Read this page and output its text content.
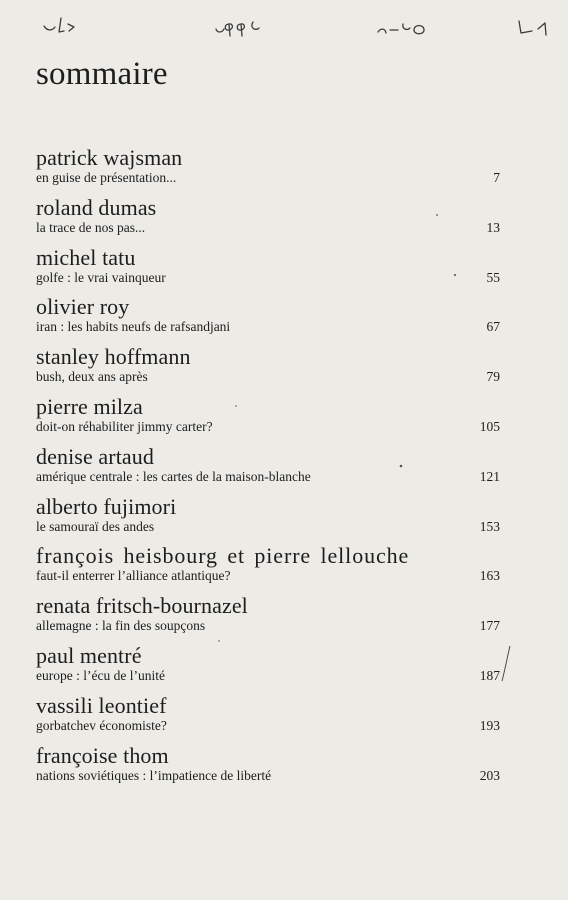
sommaire
patrick wajsman
en guise de présentation...	7
roland dumas
la trace de nos pas...	13
michel tatu
golfe : le vrai vainqueur	55
olivier roy
iran : les habits neufs de rafsandjani	67
stanley hoffmann
bush, deux ans après	79
pierre milza
doit-on réhabiliter jimmy carter?	105
denise artaud
amérique centrale : les cartes de la maison-blanche	121
alberto fujimori
le samouraï des andes	153
françois heisbourg et pierre lellouche
faut-il enterrer l’alliance atlantique?	163
renata fritsch-bournazel
allemagne : la fin des soupçons	177
paul mentré
europe : l’écu de l’unité	187
vassili leontief
gorbatchev économiste?	193
françoise thom
nations soviétiques : l’impatience de liberté	203
